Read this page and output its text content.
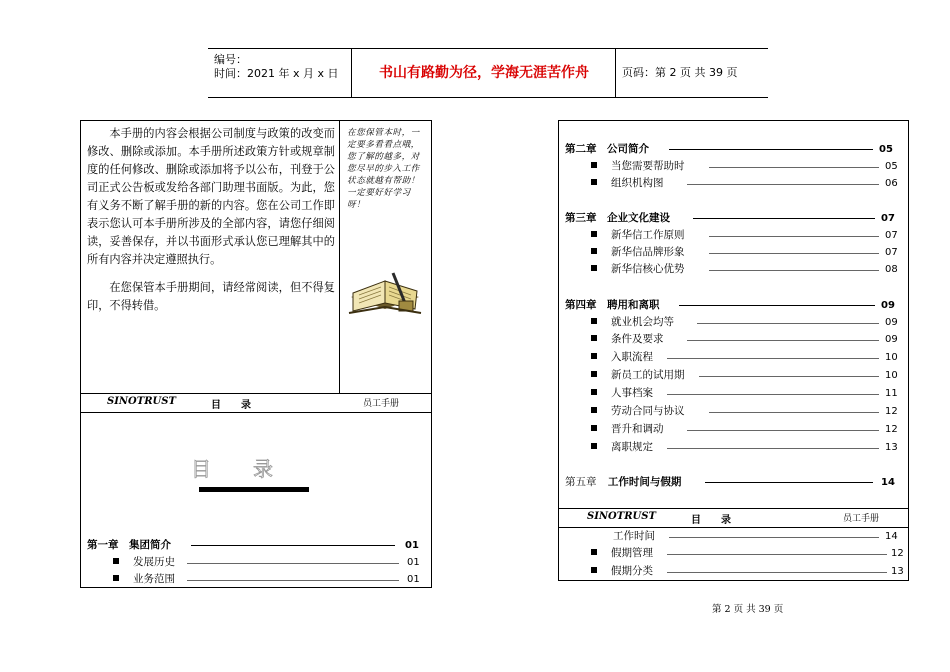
编号：
时间：2021 年 x 月 x 日	书山有路勤为径，学海无涯苦作舟	页码：第 2 页 共 39 页

本手册的内容会根据公司制度与政策的改变而修改、删除或添加。本手册所述政策方针或规章制度的任何修改、删除或添加将予以公布，刊登于公司正式公告板或发给各部门助理书面版。为此，您有义务不断了解手册的新的内容。您在公司工作即表示您认可本手册所涉及的全部内容，请您仔细阅读，妥善保存，并以书面形式承认您已理解其中的所有内容并决定遵照执行。

在您保管本手册期间，请经常阅读，但不得复印，不得转借。

在您保管本时，一定要多看看点哦，您了解的越多，对您尽早的步入工作状态就越有帮助！一定要好好学习呀！
SINOTRUST	目　　录	员工手册
目录
第一章　集团简介	01
发展历史	01
业务范围	01
第二章　公司简介	05
当您需要帮助时	05
组织机构图	06
第三章　企业文化建设	07
新华信工作原则	07
新华信品牌形象	07
新华信核心优势	08
第四章　聘用和离职	09
就业机会均等	09
条件及要求	09
入职流程	10
新员工的试用期	10
人事档案	11
劳动合同与协议	12
晋升和调动	12
离职规定	13
第五章 工作时间与假期	14
SINOTRUST	目　　录	员工手册
工作时间	14
假期管理	12
假期分类	13
第 2 页 共 39 页
